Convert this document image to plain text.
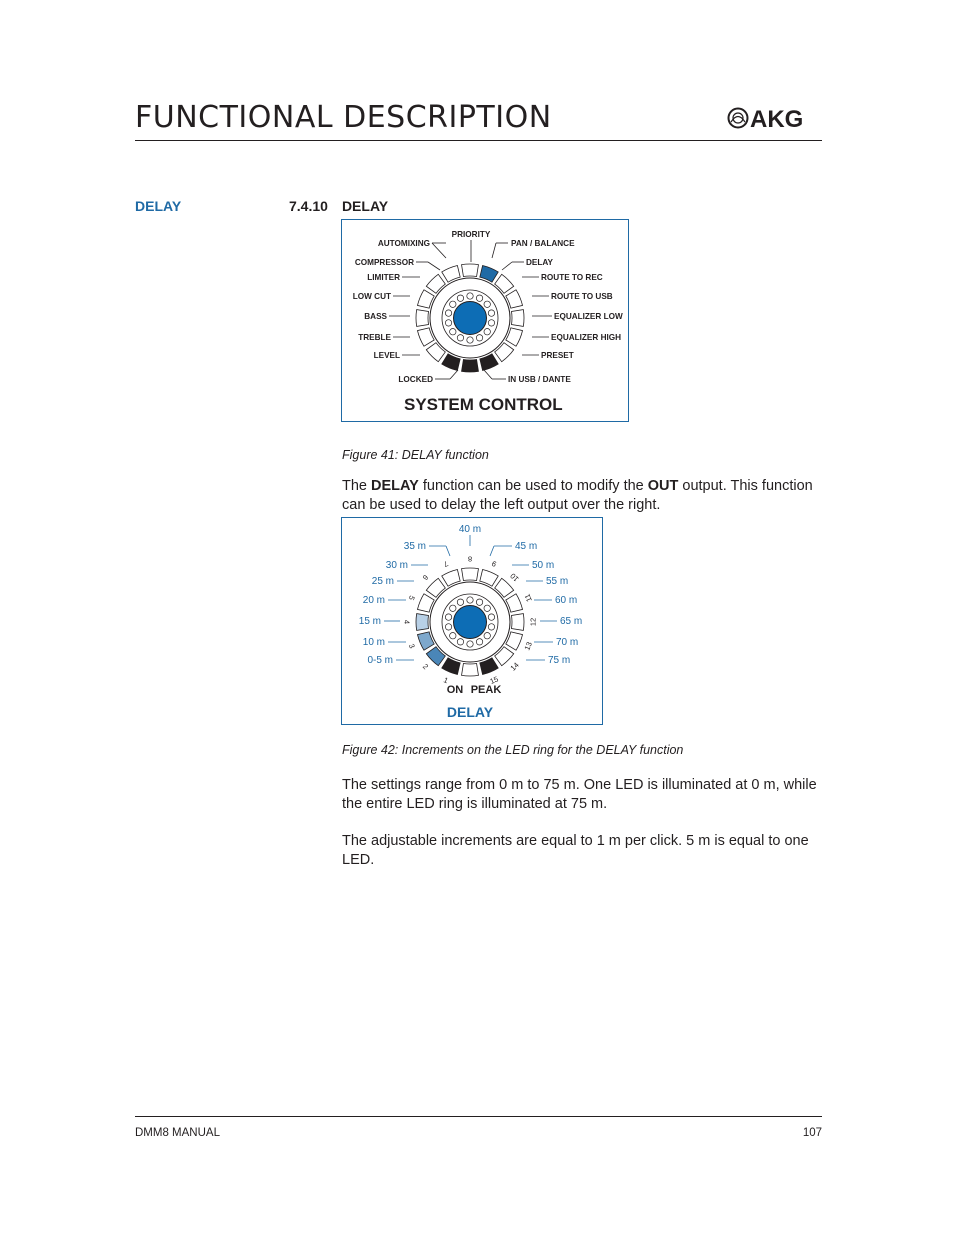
FUNCTIONAL DESCRIPTION	AKG
DELAY	7.4.10 DELAY
AUTOMIXING
COMPRESSOR
LIMITER
LOW CUT
BASS
TREBLE
LEVEL
LOCKED
PRIORITY
PAN / BALANCE
DELAY
ROUTE TO REC
ROUTE TO USB
EQUALIZER LOW
EQUALIZER HIGH
PRESET
IN USB / DANTE
SYSTEM CONTROL
Figure 41: DELAY function
The DELAY function can be used to modify the OUT output. This function can be used to delay the left output over the right.
1
2
3
4
5
6
7 8 9
10
11
12
13
14
15
35 m
30 m
25 m
20 m
15 m
10 m
0-5 m
40 m
45 m
50 m
55 m
60 m
65 m
70 m
75 m
ON PEAK
DELAY
Figure 42: Increments on the LED ring for the DELAY function
The settings range from 0 m to 75 m. One LED is illuminated at 0 m, while the entire LED ring is illuminated at 75 m.
The adjustable increments are equal to 1 m per click. 5 m is equal to one LED.
DMM8 MANUAL	107
